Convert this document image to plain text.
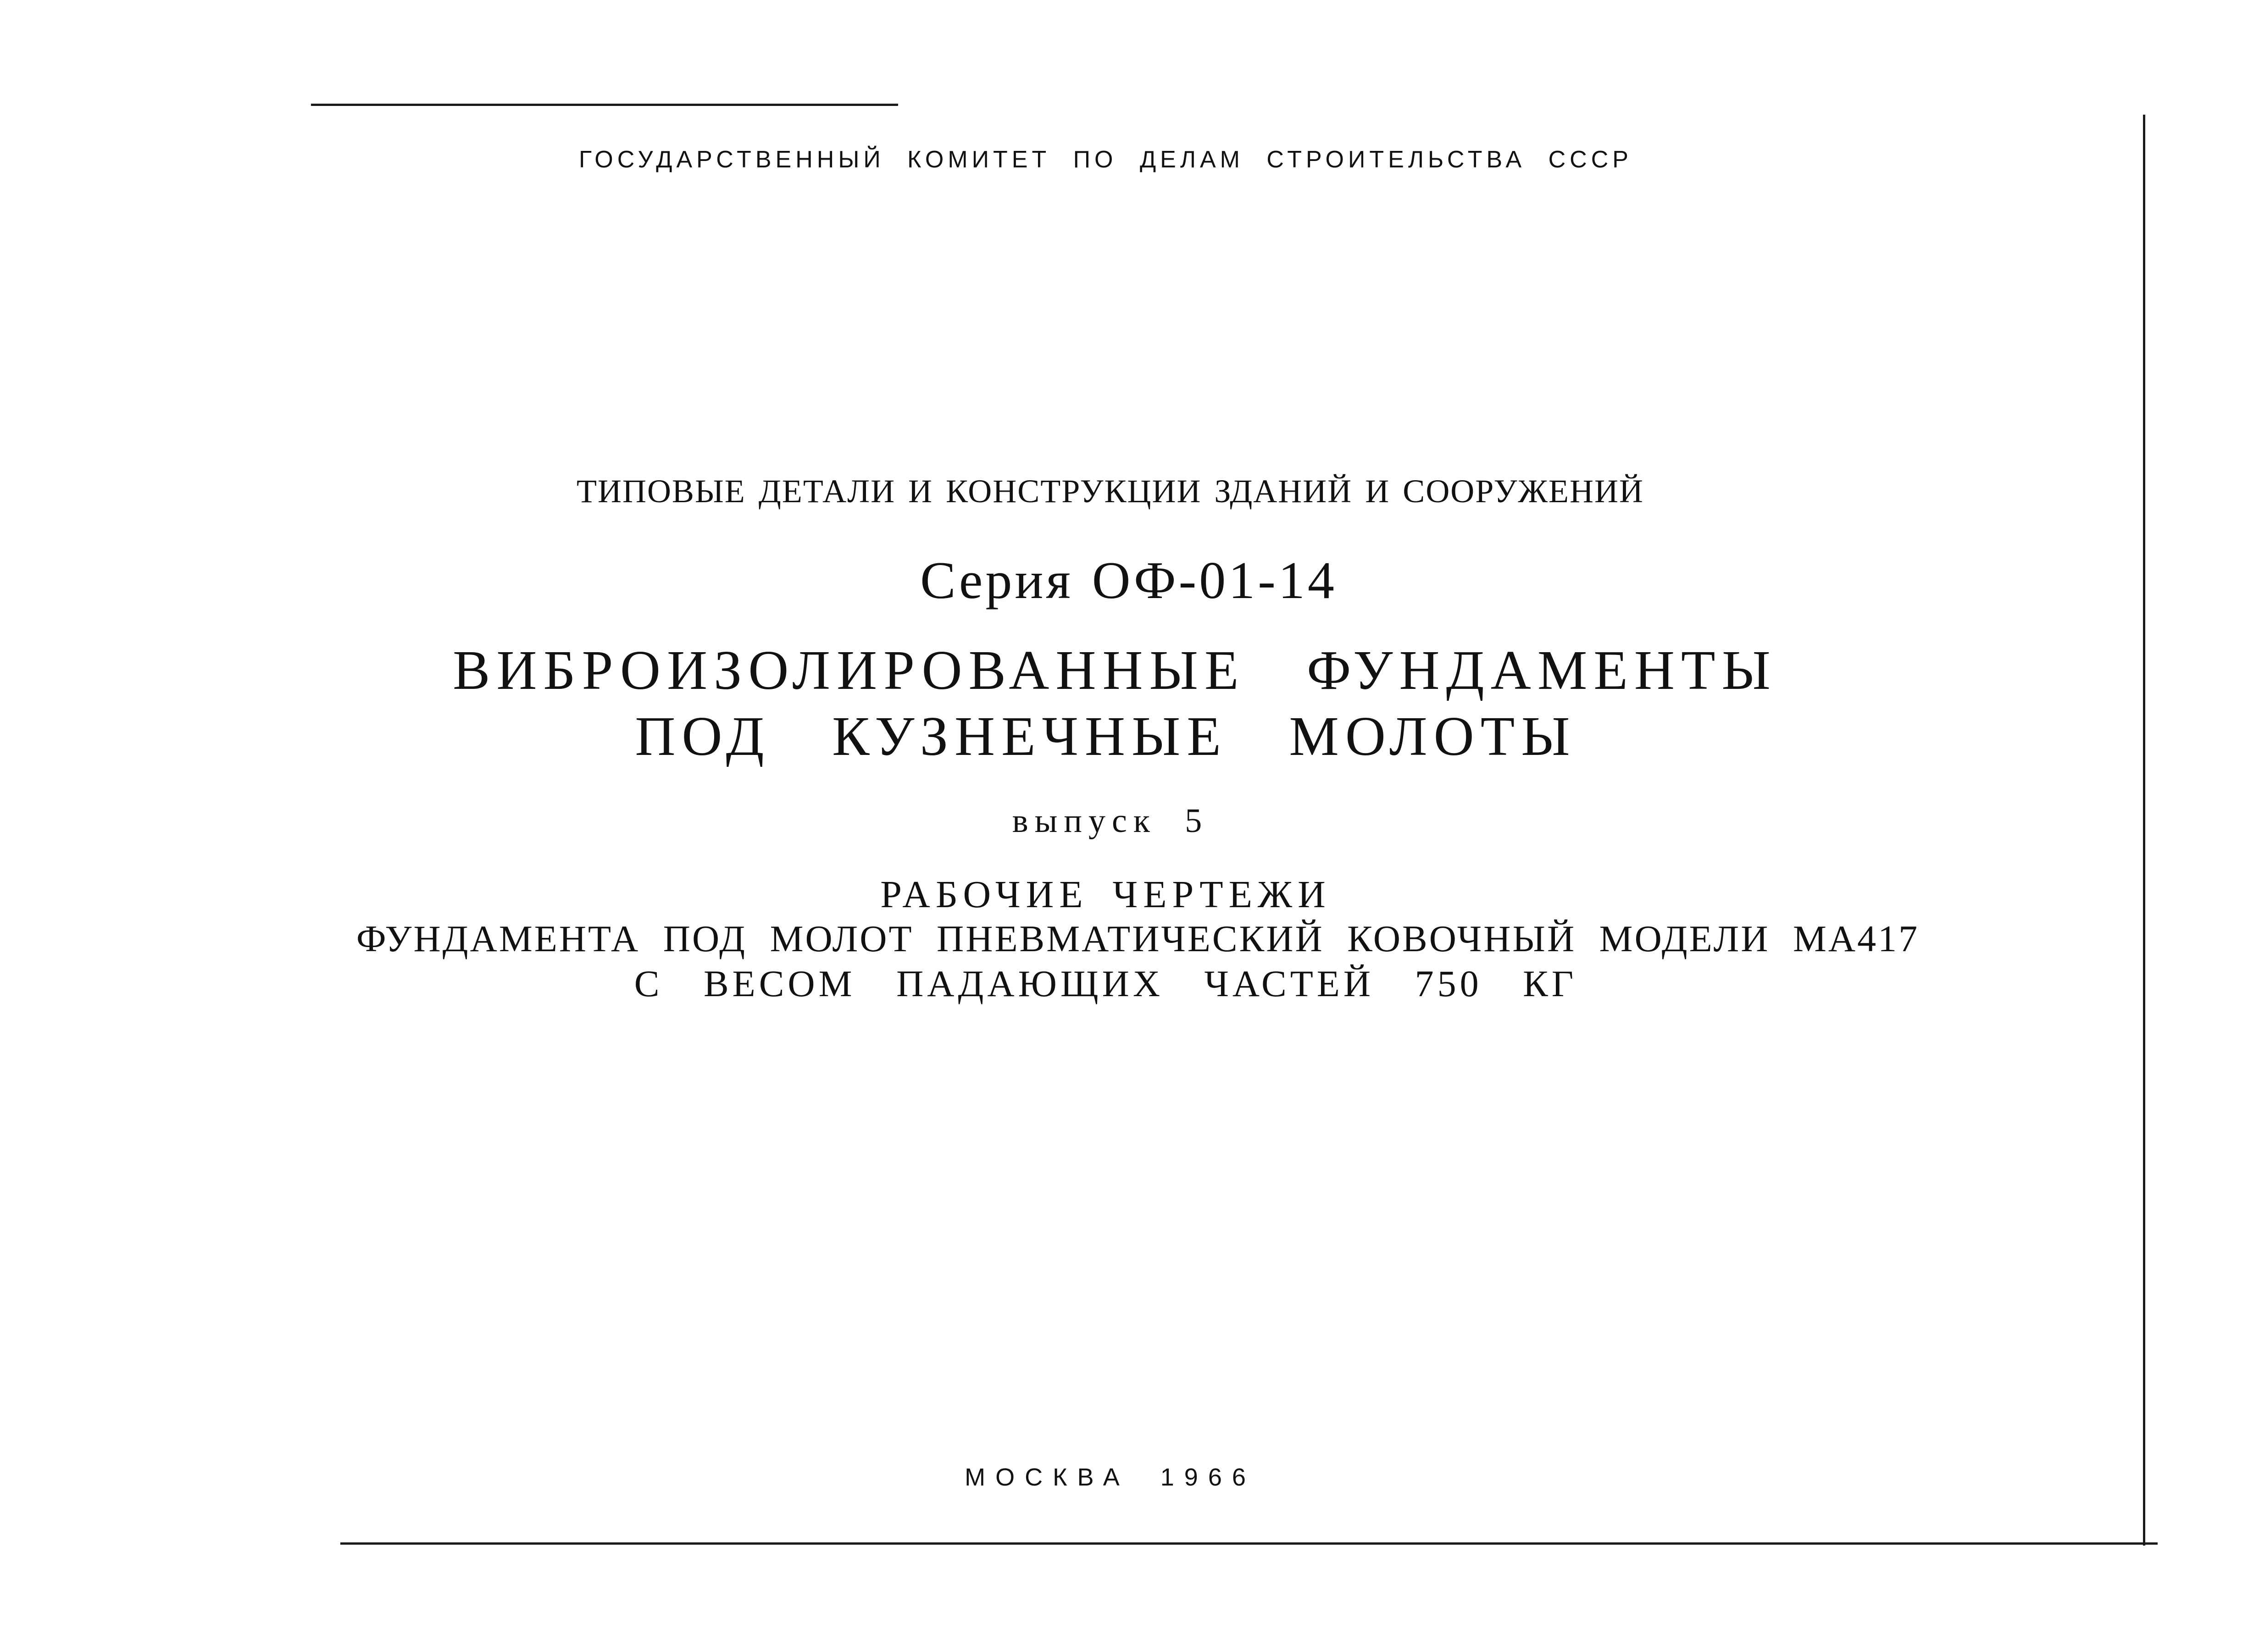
ГОСУДАРСТВЕННЫЙ КОМИТЕТ ПО ДЕЛАМ СТРОИТЕЛЬСТВА СССР
ТИПОВЫЕ ДЕТАЛИ И КОНСТРУКЦИИ ЗДАНИЙ И СООРУЖЕНИЙ
Серия ОФ-01-14
ВИБРОИЗОЛИРОВАННЫЕ ФУНДАМЕНТЫ
ПОД КУЗНЕЧНЫЕ МОЛОТЫ
выпуск 5
РАБОЧИЕ ЧЕРТЕЖИ
ФУНДАМЕНТА ПОД МОЛОТ ПНЕВМАТИЧЕСКИЙ КОВОЧНЫЙ МОДЕЛИ МА417
С ВЕСОМ ПАДАЮЩИХ ЧАСТЕЙ 750 КГ
МОСКВА 1966
